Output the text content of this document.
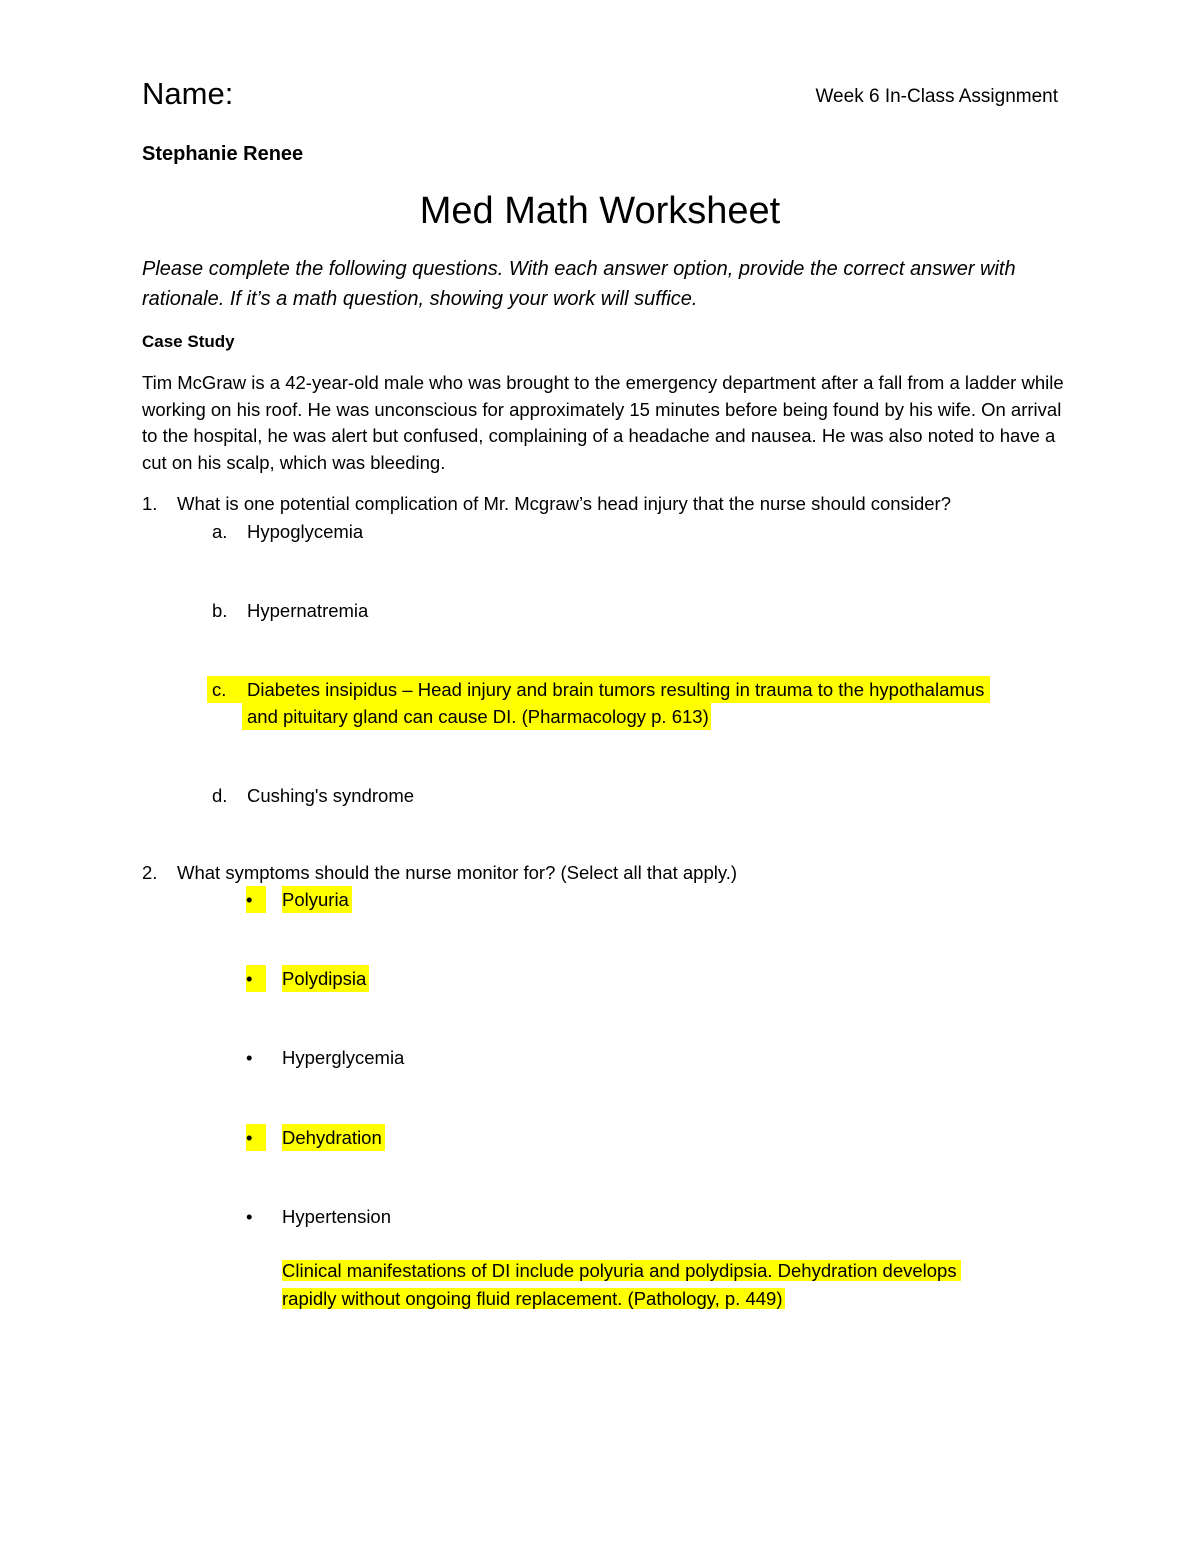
Name:	Week 6 In-Class Assignment
Stephanie Renee
Med Math Worksheet
Please complete the following questions. With each answer option, provide the correct answer with rationale. If it’s a math question, showing your work will suffice.
Case Study
Tim McGraw is a 42-year-old male who was brought to the emergency department after a fall from a ladder while working on his roof. He was unconscious for approximately 15 minutes before being found by his wife. On arrival to the hospital, he was alert but confused, complaining of a headache and nausea. He was also noted to have a cut on his scalp, which was bleeding.
1. What is one potential complication of Mr. Mcgraw’s head injury that the nurse should consider?
a. Hypoglycemia
b. Hypernatremia
c.	Diabetes insipidus – Head injury and brain tumors resulting in trauma to the hypothalamus
and pituitary gland can cause DI. (Pharmacology p. 613)
d. Cushing's syndrome
2. What symptoms should the nurse monitor for? (Select all that apply.)
•	Polyuria
•	Polydipsia
• Hyperglycemia
•	Dehydration
• Hypertension
Clinical manifestations of DI include polyuria and polydipsia. Dehydration develops
rapidly without ongoing fluid replacement. (Pathology, p. 449)
